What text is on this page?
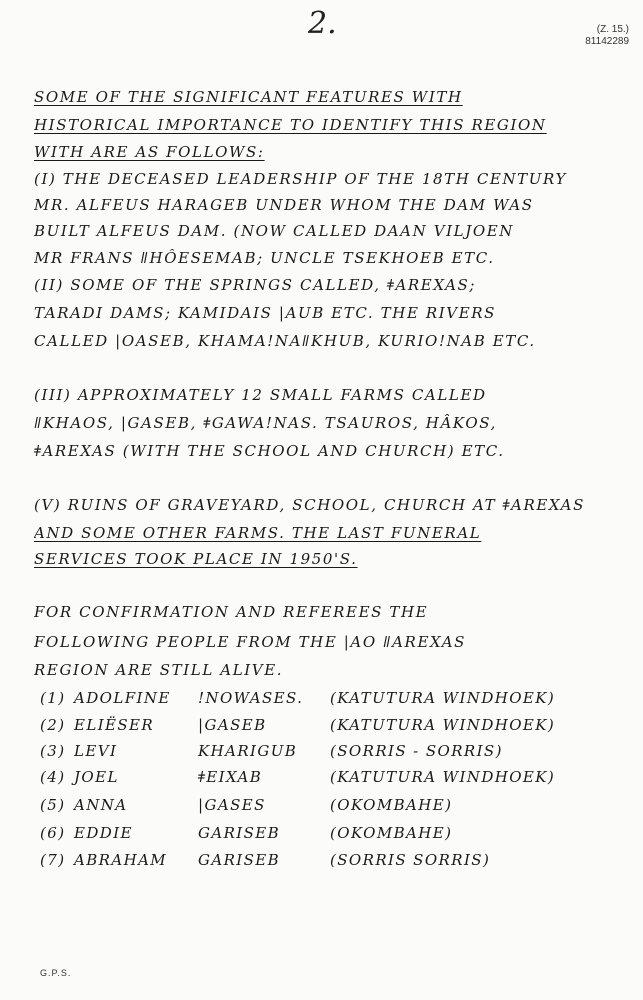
2.	(Z. 15.)
81142289
SOME OF THE SIGNIFICANT FEATURES WITH
HISTORICAL IMPORTANCE TO IDENTIFY THIS REGION
WITH ARE AS FOLLOWS:
(I) THE DECEASED LEADERSHIP OF THE 18TH CENTURY
MR. ALFEUS HARAGEB UNDER WHOM THE DAM WAS
BUILT ALFEUS DAM. (NOW CALLED DAAN VILJOEN
MR FRANS ǁHÔESEMAB; UNCLE TSEKHOEB ETC.
(II) SOME OF THE SPRINGS CALLED, ǂAREXAS;
TARADI DAMS; KAMIDAIS |AUB ETC. THE RIVERS
CALLED |OASEB, KHAMA!NAǁKHUB, KURIO!NAB ETC.
(III) APPROXIMATELY 12 SMALL FARMS CALLED
ǁKHAOS, |GASEB, ǂGAWA!NAS. TSAUROS, HÂKOS,
ǂAREXAS (WITH THE SCHOOL AND CHURCH) ETC.
(V) RUINS OF GRAVEYARD, SCHOOL, CHURCH AT ǂAREXAS
AND SOME OTHER FARMS. THE LAST FUNERAL
SERVICES TOOK PLACE IN 1950'S.
FOR CONFIRMATION AND REFEREES THE
FOLLOWING PEOPLE FROM THE |AO ǁAREXAS
REGION ARE STILL ALIVE.
(1) ADOLFINE !NOWASES. (KATUTURA WINDHOEK)
(2) ELIËSER	|GASEB	(KATUTURA WINDHOEK)
(3) LEVI	KHARIGUB (SORRIS - SORRIS)
(4) JOEL	ǂEIXAB	(KATUTURA WINDHOEK)
(5) ANNA	|GASES	(OKOMBAHE)
(6) EDDIE	GARISEB	(OKOMBAHE)
(7) ABRAHAM GARISEB	(SORRIS SORRIS)
G.P.S.
